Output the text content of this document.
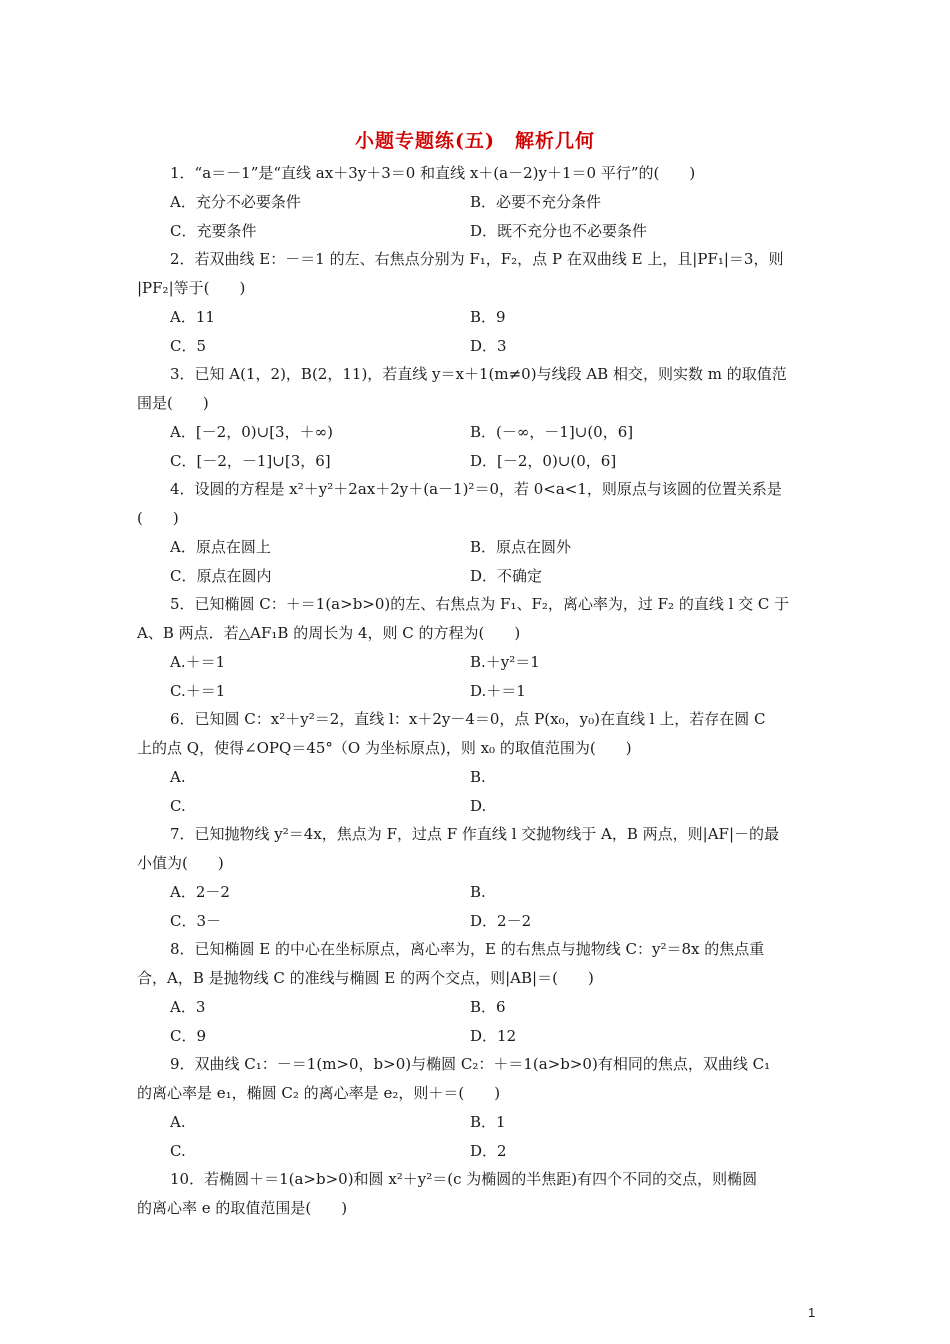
小题专题练(五)　解析几何
1．“a＝－1”是“直线 ax＋3y＋3＝0 和直线 x＋(a－2)y＋1＝0 平行”的(　　)
2．若双曲线 E：－＝1 的左、右焦点分别为 F₁，F₂，点 P 在双曲线 E 上，且|PF₁|＝3，则
|PF₂|等于(　　)
3．已知 A(1，2)，B(2，11)，若直线 y＝x＋1(m≠0)与线段 AB 相交，则实数 m 的取值范
围是(　　)
4．设圆的方程是 x²＋y²＋2ax＋2y＋(a－1)²＝0，若 0<a<1，则原点与该圆的位置关系是
(　　)
5．已知椭圆 C：＋＝1(a>b>0)的左、右焦点为 F₁、F₂，离心率为，过 F₂ 的直线 l 交 C 于
A、B 两点．若△AF₁B 的周长为 4，则 C 的方程为(　　)
6．已知圆 C：x²＋y²＝2，直线 l：x＋2y－4＝0，点 P(x₀，y₀)在直线 l 上，若存在圆 C
上的点 Q，使得∠OPQ＝45°（O 为坐标原点)，则 x₀ 的取值范围为(　　)
7．已知抛物线 y²＝4x，焦点为 F，过点 F 作直线 l 交抛物线于 A，B 两点，则|AF|－的最
小值为(　　)
8．已知椭圆 E 的中心在坐标原点，离心率为，E 的右焦点与抛物线 C：y²＝8x 的焦点重
合，A，B 是抛物线 C 的准线与椭圆 E 的两个交点，则|AB|＝(　　)
9．双曲线 C₁：－＝1(m>0，b>0)与椭圆 C₂：＋＝1(a>b>0)有相同的焦点，双曲线 C₁
的离心率是 e₁，椭圆 C₂ 的离心率是 e₂，则＋＝(　　)
10．若椭圆＋＝1(a>b>0)和圆 x²＋y²＝(c 为椭圆的半焦距)有四个不同的交点，则椭圆
的离心率 e 的取值范围是(　　)
A．充分不必要条件	B．必要不充分条件
C．充要条件	D．既不充分也不必要条件
A．11	B．9
C．5	D．3
A．[－2，0)∪[3，＋∞)	B．(－∞，－1]∪(0，6]
C．[－2，－1]∪[3，6]	D．[－2，0)∪(0，6]
A．原点在圆上	B．原点在圆外
C．原点在圆内	D．不确定
A.＋＝1	B.＋y²＝1
C.＋＝1	D.＋＝1
A.	B.
C.	D.
A．2－2	B.
C．3－	D．2－2
A．3	B．6
C．9	D．12
A.	B．1
C.	D．2
1
